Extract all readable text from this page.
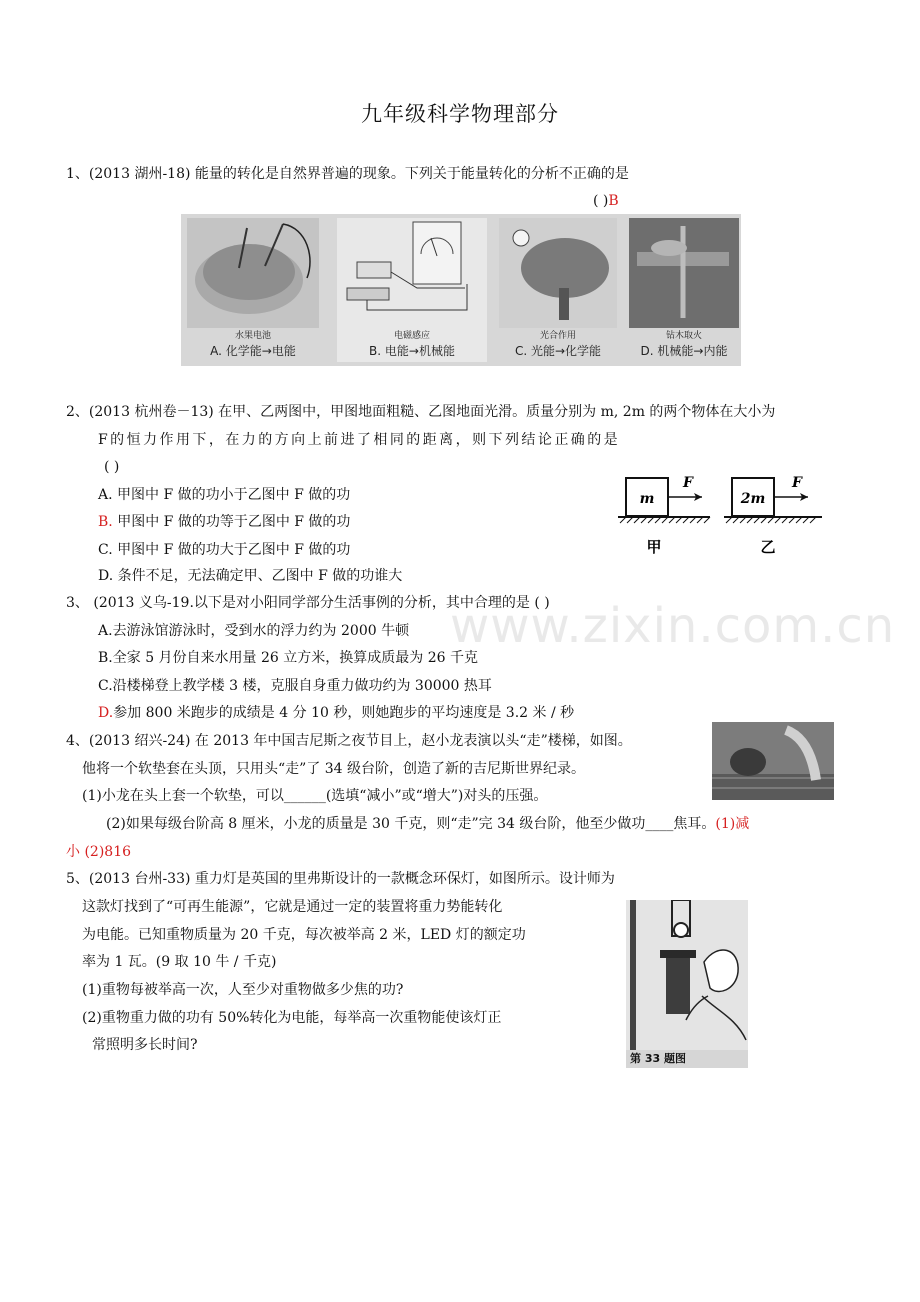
www.zixin.com.cn
九年级科学物理部分
1、(2013 湖州-18) 能量的转化是自然界普遍的现象。下列关于能量转化的分析不正确的是
( )B
水果电池
A. 化学能→电能
电磁感应
B. 电能→机械能
光合作用
C. 光能→化学能
钻木取火
D. 机械能→内能
2、(2013 杭州卷－13) 在甲、乙两图中，甲图地面粗糙、乙图地面光滑。质量分别为 m, 2m 的两个物体在大小为
F 的 恒 力 作 用 下 ， 在 力 的 方 向 上 前 进 了 相 同 的 距 离 ， 则 下 列 结 论 正 确 的 是
( )
A. 甲图中 F 做的功小于乙图中 F 做的功
B. 甲图中 F 做的功等于乙图中 F 做的功
C. 甲图中 F 做的功大于乙图中 F 做的功
D. 条件不足，无法确定甲、乙图中 F 做的功谁大
m
F
甲
2m
F
乙
3、 (2013 义乌-19.以下是对小阳同学部分生活事例的分析，其中合理的是 ( )
A.去游泳馆游泳时，受到水的浮力约为 2000 牛顿
B.全家 5 月份自来水用量 26 立方米，换算成质最为 26 千克
C.沿楼梯登上教学楼 3 楼，克服自身重力做功约为 30000 热耳
D.参加 800 米跑步的成绩是 4 分 10 秒，则她跑步的平均速度是 3.2 米 / 秒
4、(2013 绍兴-24) 在 2013 年中国吉尼斯之夜节目上，赵小龙表演以头“走”楼梯，如图。
他将一个软垫套在头顶，只用头“走”了 34 级台阶，创造了新的吉尼斯世界纪录。
(1)小龙在头上套一个软垫，可以______(选填“减小”或“增大”)对头的压强。
(2)如果每级台阶高 8 厘米，小龙的质量是 30 千克，则“走”完 34 级台阶，他至少做功____焦耳。(1)减
小 (2)816
5、(2013 台州-33) 重力灯是英国的里弗斯设计的一款概念环保灯，如图所示。设计师为
这款灯找到了“可再生能源”，它就是通过一定的装置将重力势能转化
为电能。已知重物质量为 20 千克，每次被举高 2 米，LED 灯的额定功
率为 1 瓦。(9 取 10 牛 / 千克)
(1)重物每被举高一次，人至少对重物做多少焦的功?
(2)重物重力做的功有 50%转化为电能，每举高一次重物能使该灯正
常照明多长时间?
第 33 题图
